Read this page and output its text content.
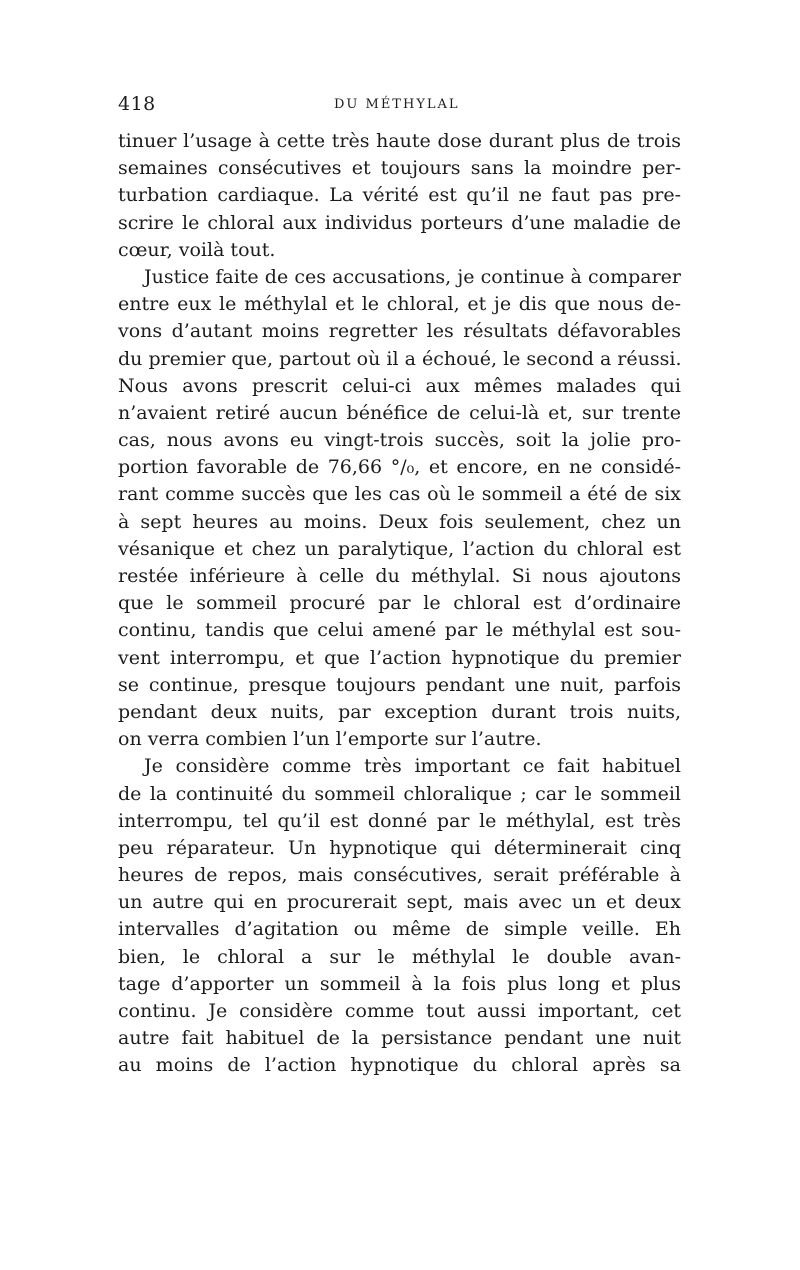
418	DU MÉTHYLAL
tinuer l’usage à cette très haute dose durant plus de trois
semaines consécutives et toujours sans la moindre per-
turbation cardiaque. La vérité est qu’il ne faut pas pre-
scrire le chloral aux individus porteurs d’une maladie de
cœur, voilà tout.
Justice faite de ces accusations, je continue à comparer
entre eux le méthylal et le chloral, et je dis que nous de-
vons d’autant moins regretter les résultats défavorables
du premier que, partout où il a échoué, le second a réussi.
Nous avons prescrit celui-ci aux mêmes malades qui
n’avaient retiré aucun bénéfice de celui-là et, sur trente
cas, nous avons eu vingt-trois succès, soit la jolie pro-
portion favorable de 76,66 °/₀, et encore, en ne considé-
rant comme succès que les cas où le sommeil a été de six
à sept heures au moins. Deux fois seulement, chez un
vésanique et chez un paralytique, l’action du chloral est
restée inférieure à celle du méthylal. Si nous ajoutons
que le sommeil procuré par le chloral est d’ordinaire
continu, tandis que celui amené par le méthylal est sou-
vent interrompu, et que l’action hypnotique du premier
se continue, presque toujours pendant une nuit, parfois
pendant deux nuits, par exception durant trois nuits,
on verra combien l’un l’emporte sur l’autre.
Je considère comme très important ce fait habituel
de la continuité du sommeil chloralique ; car le sommeil
interrompu, tel qu’il est donné par le méthylal, est très
peu réparateur. Un hypnotique qui déterminerait cinq
heures de repos, mais consécutives, serait préférable à
un autre qui en procurerait sept, mais avec un et deux
intervalles d’agitation ou même de simple veille. Eh
bien, le chloral a sur le méthylal le double avan-
tage d’apporter un sommeil à la fois plus long et plus
continu. Je considère comme tout aussi important, cet
autre fait habituel de la persistance pendant une nuit
au moins de l’action hypnotique du chloral après sa
